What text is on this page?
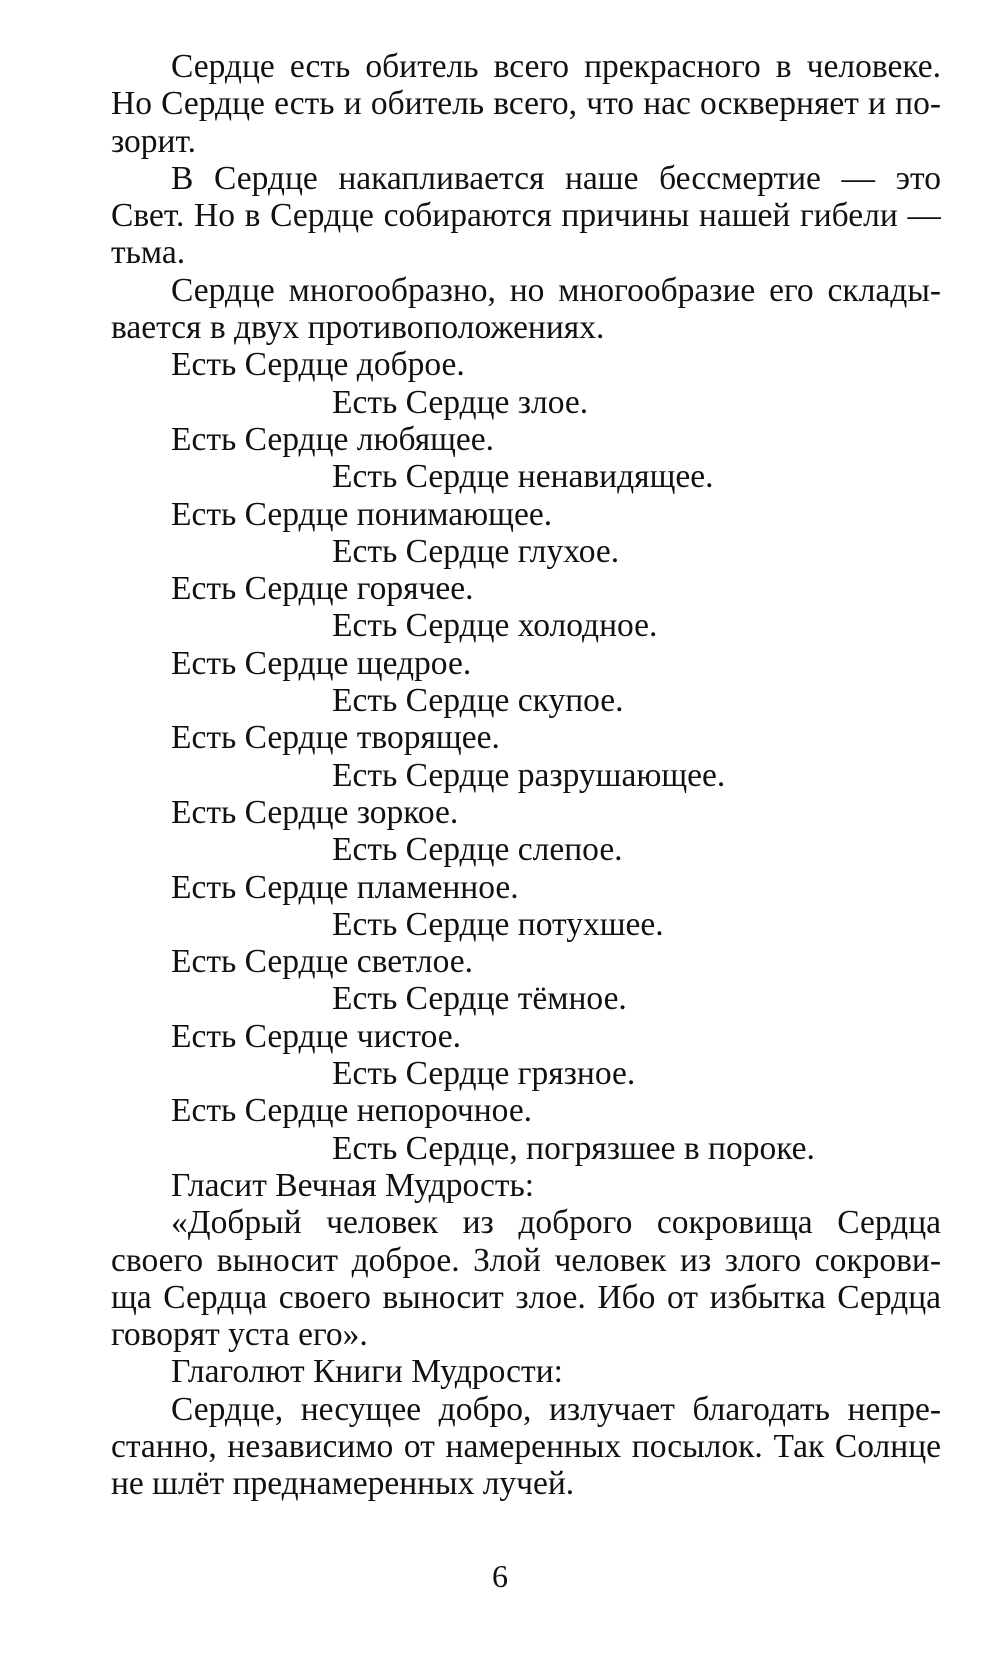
Сердце есть обитель всего прекрасного в человеке.
Но Сердце есть и обитель всего, что нас оскверняет и по-
зорит.
В Сердце накапливается наше бессмертие — это
Свет. Но в Сердце собираются причины нашей гибели —
тьма.
Сердце многообразно, но многообразие его склады-
вается в двух противоположениях.
Есть Сердце доброе.
Есть Сердце злое.
Есть Сердце любящее.
Есть Сердце ненавидящее.
Есть Сердце понимающее.
Есть Сердце глухое.
Есть Сердце горячее.
Есть Сердце холодное.
Есть Сердце щедрое.
Есть Сердце скупое.
Есть Сердце творящее.
Есть Сердце разрушающее.
Есть Сердце зоркое.
Есть Сердце слепое.
Есть Сердце пламенное.
Есть Сердце потухшее.
Есть Сердце светлое.
Есть Сердце тёмное.
Есть Сердце чистое.
Есть Сердце грязное.
Есть Сердце непорочное.
Есть Сердце, погрязшее в пороке.
Гласит Вечная Мудрость:
«Добрый человек из доброго сокровища Сердца
своего выносит доброе. Злой человек из злого сокрови-
ща Сердца своего выносит злое. Ибо от избытка Сердца
говорят уста его».
Глаголют Книги Мудрости:
Сердце, несущее добро, излучает благодать непре-
станно, независимо от намеренных посылок. Так Солнце
не шлёт преднамеренных лучей.
6
